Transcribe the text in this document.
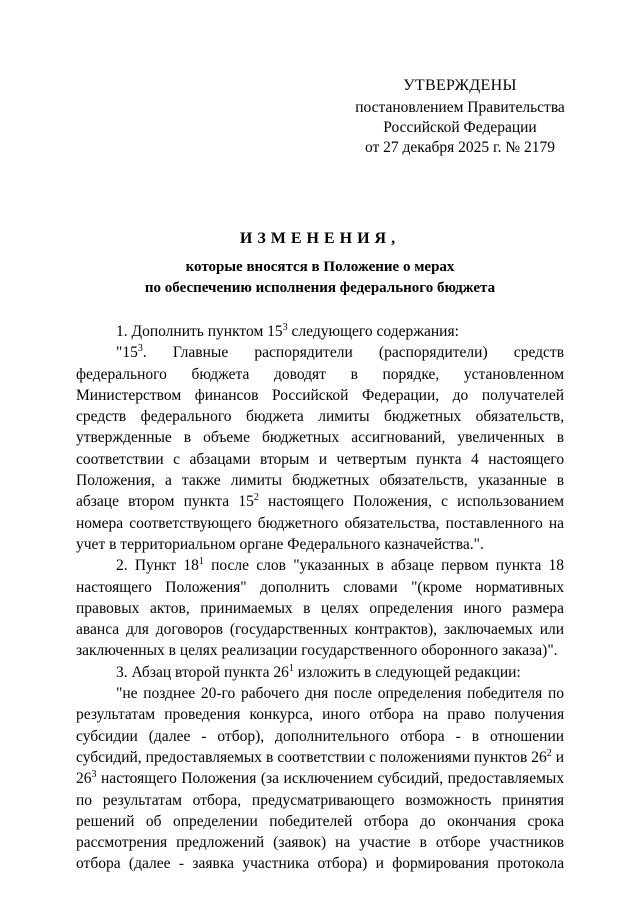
УТВЕРЖДЕНЫ
постановлением Правительства
Российской Федерации
от 27 декабря 2025 г. № 2179
ИЗМЕНЕНИЯ,
которые вносятся в Положение о мерах
по обеспечению исполнения федерального бюджета

1. Дополнить пунктом $15^3$ следующего содержания:

"$15^3$. Главные распорядители (распорядители) средств федерального бюджета доводят в порядке, установленном Министерством финансов Российской Федерации, до получателей средств федерального бюджета лимиты бюджетных обязательств, утвержденные в объеме бюджетных ассигнований, увеличенных в соответствии с абзацами вторым и четвертым пункта 4 настоящего Положения, а также лимиты бюджетных обязательств, указанные в абзаце втором пункта $15^2$ настоящего Положения, с использованием номера соответствующего бюджетного обязательства, поставленного на учет в территориальном органе Федерального казначейства.".

2. Пункт $18^1$ после слов "указанных в абзаце первом пункта 18 настоящего Положения" дополнить словами "(кроме нормативных правовых актов, принимаемых в целях определения иного размера аванса для договоров (государственных контрактов), заключаемых или заключенных в целях реализации государственного оборонного заказа)".

3. Абзац второй пункта $26^1$ изложить в следующей редакции:

"не позднее 20-го рабочего дня после определения победителя по результатам проведения конкурса, иного отбора на право получения субсидии (далее - отбор), дополнительного отбора - в отношении субсидий, предоставляемых в соответствии с положениями пунктов $26^2$ и $26^3$ настоящего Положения (за исключением субсидий, предоставляемых по результатам отбора, предусматривающего возможность принятия решений об определении победителей отбора до окончания срока рассмотрения предложений (заявок) на участие в отборе участников отбора (далее - заявка участника отбора) и формирования протокола
